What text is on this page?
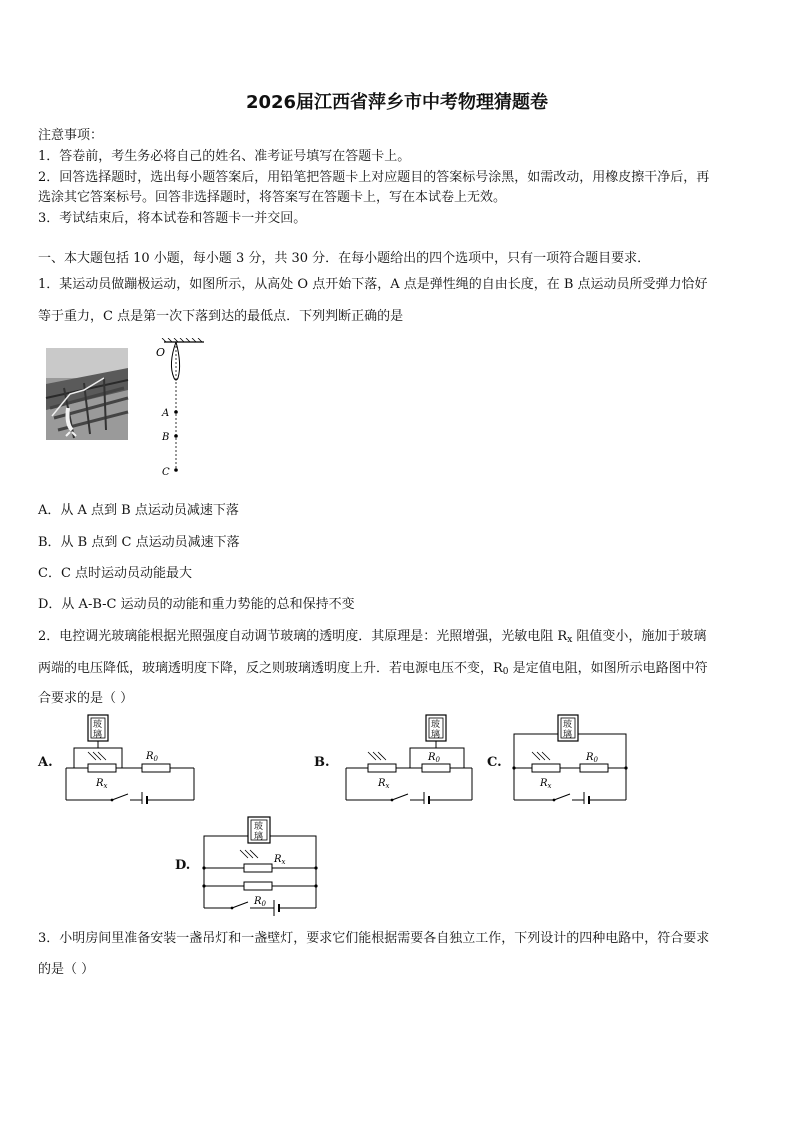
2026届江西省萍乡市中考物理猜题卷
注意事项：
1．答卷前，考生务必将自己的姓名、准考证号填写在答题卡上。
2．回答选择题时，选出每小题答案后，用铅笔把答题卡上对应题目的答案标号涂黑，如需改动，用橡皮擦干净后，再
选涂其它答案标号。回答非选择题时，将答案写在答题卡上，写在本试卷上无效。
3．考试结束后，将本试卷和答题卡一并交回。
一、本大题包括 10 小题，每小题 3 分，共 30 分．在每小题给出的四个选项中，只有一项符合题目要求．
1．某运动员做蹦极运动，如图所示，从高处 O 点开始下落，A 点是弹性绳的自由长度，在 B 点运动员所受弹力恰好
等于重力，C 点是第一次下落到达的最低点．下列判断正确的是
O
A
B
C
A．从 A 点到 B 点运动员减速下落
B．从 B 点到 C 点运动员减速下落
C．C 点时运动员动能最大
D．从 A-B-C 运动员的动能和重力势能的总和保持不变
2．电控调光玻璃能根据光照强度自动调节玻璃的透明度．其原理是：光照增强，光敏电阻 $R_x$ 阻值变小，施加于玻璃
两端的电压降低，玻璃透明度下降，反之则玻璃透明度上升．若电源电压不变，$R_0$ 是定值电阻，如图所示电路图中符
合要求的是（ ）
A.
玻
璃
$R_0$
$R_x$
B.
玻
璃
$R_0$
$R_x$
C.
玻
璃
$R_0$
$R_x$
D.
玻
璃
$R_x$
$R_0$
3．小明房间里准备安装一盏吊灯和一盏壁灯，要求它们能根据需要各自独立工作，下列设计的四种电路中，符合要求
的是（ ）
